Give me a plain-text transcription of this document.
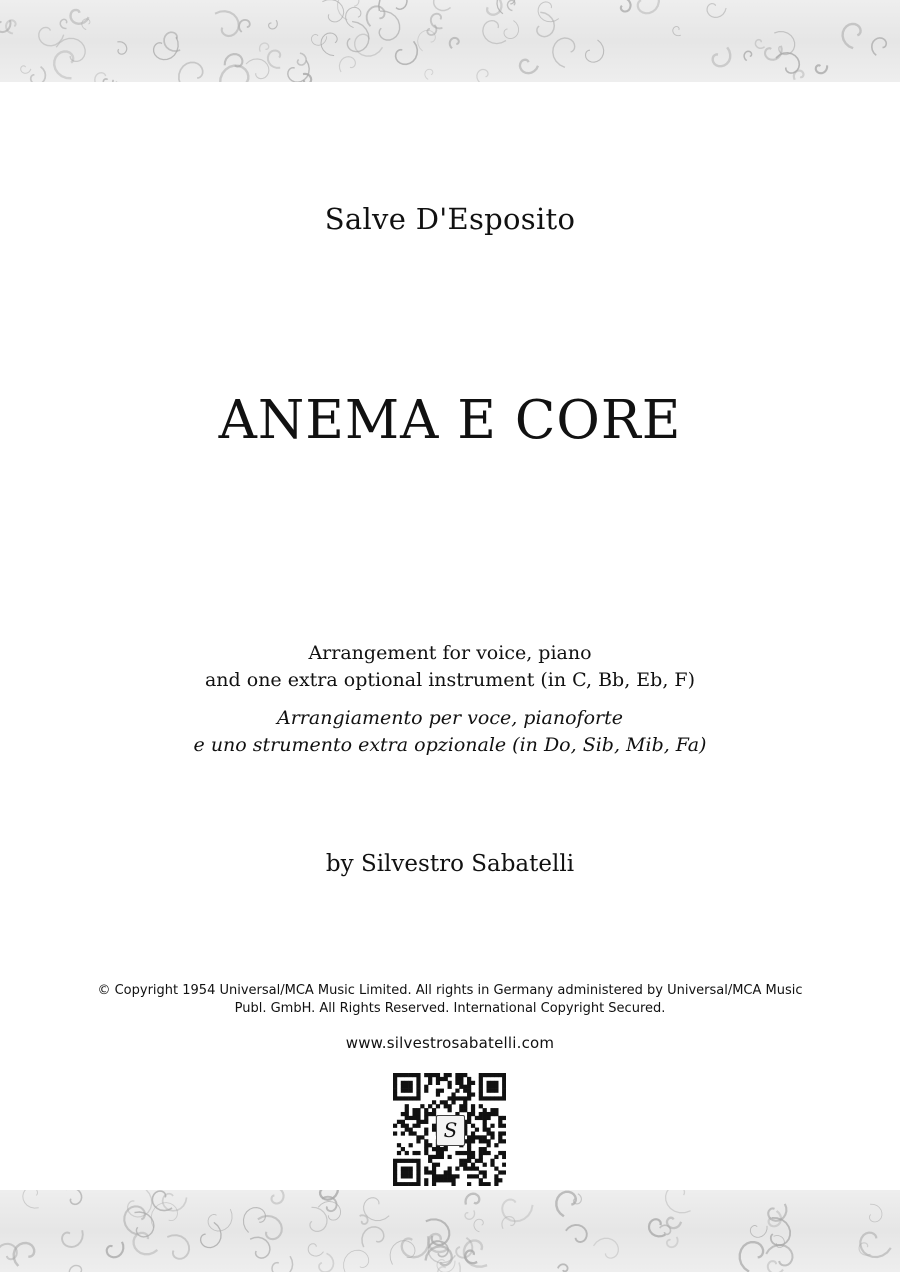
Salve D'Esposito
ANEMA E CORE
Arrangement for voice, piano
and one extra optional instrument (in C, Bb, Eb, F)
Arrangiamento per voce, pianoforte
e uno strumento extra opzionale (in Do, Sib, Mib, Fa)
by Silvestro Sabatelli
© Copyright 1954 Universal/MCA Music Limited. All rights in Germany administered by Universal/MCA Music
Publ. GmbH. All Rights Reserved. International Copyright Secured.
www.silvestrosabatelli.com
S
